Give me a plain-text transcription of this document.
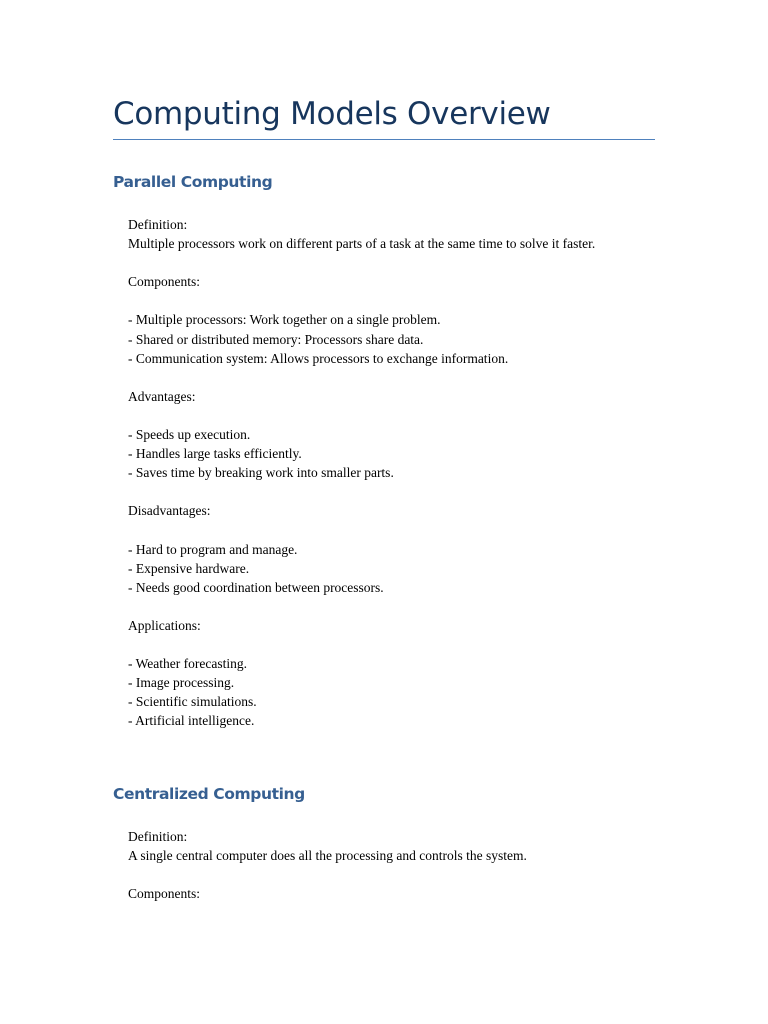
Computing Models Overview
Parallel Computing
Definition:
Multiple processors work on different parts of a task at the same time to solve it faster.
Components:
- Multiple processors: Work together on a single problem.
- Shared or distributed memory: Processors share data.
- Communication system: Allows processors to exchange information.
Advantages:
- Speeds up execution.
- Handles large tasks efficiently.
- Saves time by breaking work into smaller parts.
Disadvantages:
- Hard to program and manage.
- Expensive hardware.
- Needs good coordination between processors.
Applications:
- Weather forecasting.
- Image processing.
- Scientific simulations.
- Artificial intelligence.
Centralized Computing
Definition:
A single central computer does all the processing and controls the system.
Components:
